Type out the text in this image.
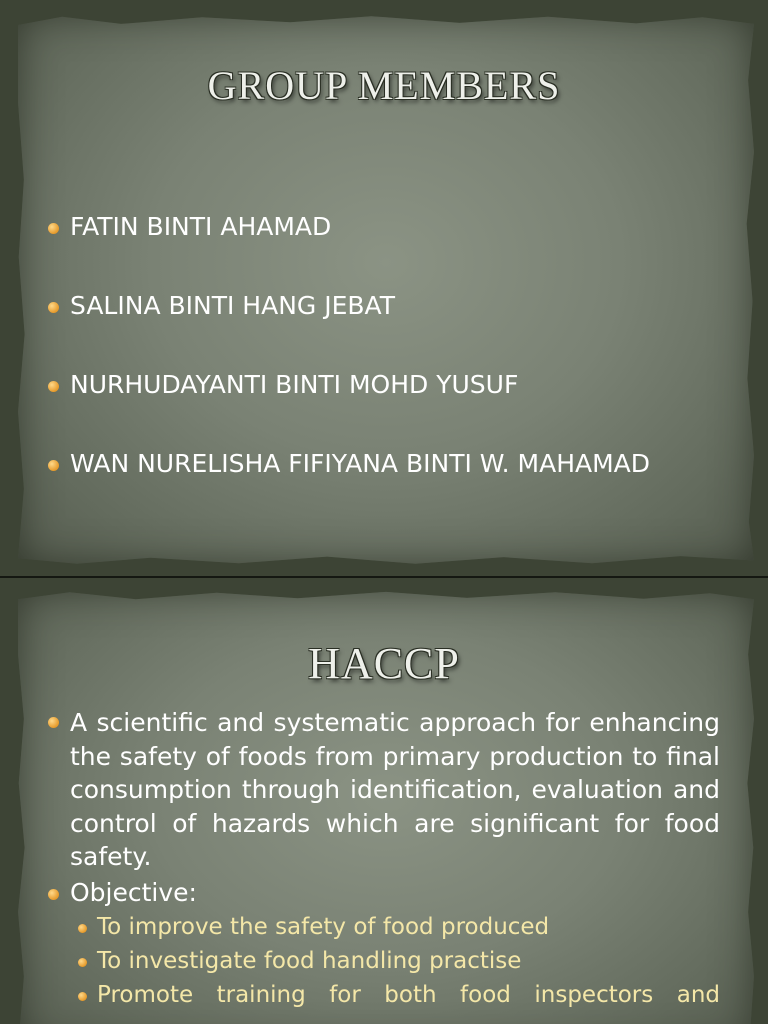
GROUP MEMBERS
FATIN BINTI AHAMAD
SALINA BINTI HANG JEBAT
NURHUDAYANTI BINTI MOHD YUSUF
WAN NURELISHA FIFIYANA BINTI W. MAHAMAD
HACCP
A scientific and systematic approach for enhancing the safety of foods from primary production to final consumption through identification, evaluation and control of hazards which are significant for food safety.
Objective:
To improve the safety of food produced
To investigate food handling practise
Promote training for both food inspectors and
